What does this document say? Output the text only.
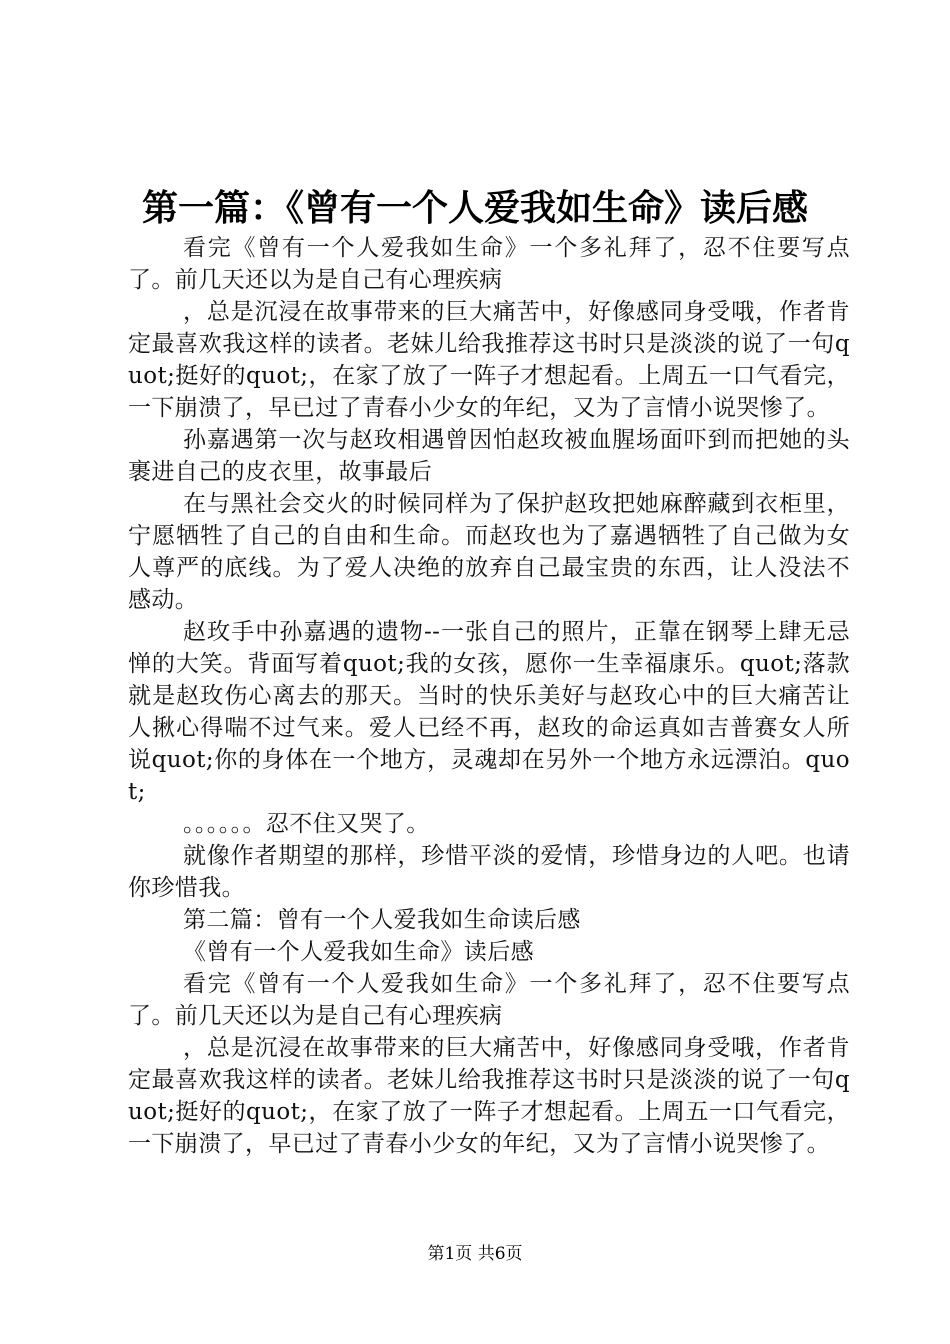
第一篇：《曾有一个人爱我如生命》读后感

看完《曾有一个人爱我如生命》一个多礼拜了，忍不住要写点了。前几天还以为是自己有心理疾病

，总是沉浸在故事带来的巨大痛苦中，好像感同身受哦，作者肯定最喜欢我这样的读者。老妹儿给我推荐这书时只是淡淡的说了一句quot;挺好的quot;，在家了放了一阵子才想起看。上周五一口气看完，一下崩溃了，早已过了青春小少女的年纪，又为了言情小说哭惨了。

孙嘉遇第一次与赵玫相遇曾因怕赵玫被血腥场面吓到而把她的头裹进自己的皮衣里，故事最后

在与黑社会交火的时候同样为了保护赵玫把她麻醉藏到衣柜里，宁愿牺牲了自己的自由和生命。而赵玫也为了嘉遇牺牲了自己做为女人尊严的底线。为了爱人决绝的放弃自己最宝贵的东西，让人没法不感动。

赵玫手中孙嘉遇的遗物--一张自己的照片，正靠在钢琴上肆无忌惮的大笑。背面写着quot;我的女孩，愿你一生幸福康乐。quot;落款就是赵玫伤心离去的那天。当时的快乐美好与赵玫心中的巨大痛苦让人揪心得喘不过气来。爱人已经不再，赵玫的命运真如吉普赛女人所说quot;你的身体在一个地方，灵魂却在另外一个地方永远漂泊。quot;

。。。。。。忍不住又哭了。

就像作者期望的那样，珍惜平淡的爱情，珍惜身边的人吧。也请你珍惜我。

第二篇：曾有一个人爱我如生命读后感

《曾有一个人爱我如生命》读后感

看完《曾有一个人爱我如生命》一个多礼拜了，忍不住要写点了。前几天还以为是自己有心理疾病

，总是沉浸在故事带来的巨大痛苦中，好像感同身受哦，作者肯定最喜欢我这样的读者。老妹儿给我推荐这书时只是淡淡的说了一句quot;挺好的quot;，在家了放了一阵子才想起看。上周五一口气看完，一下崩溃了，早已过了青春小少女的年纪，又为了言情小说哭惨了。

第1页 共6页
